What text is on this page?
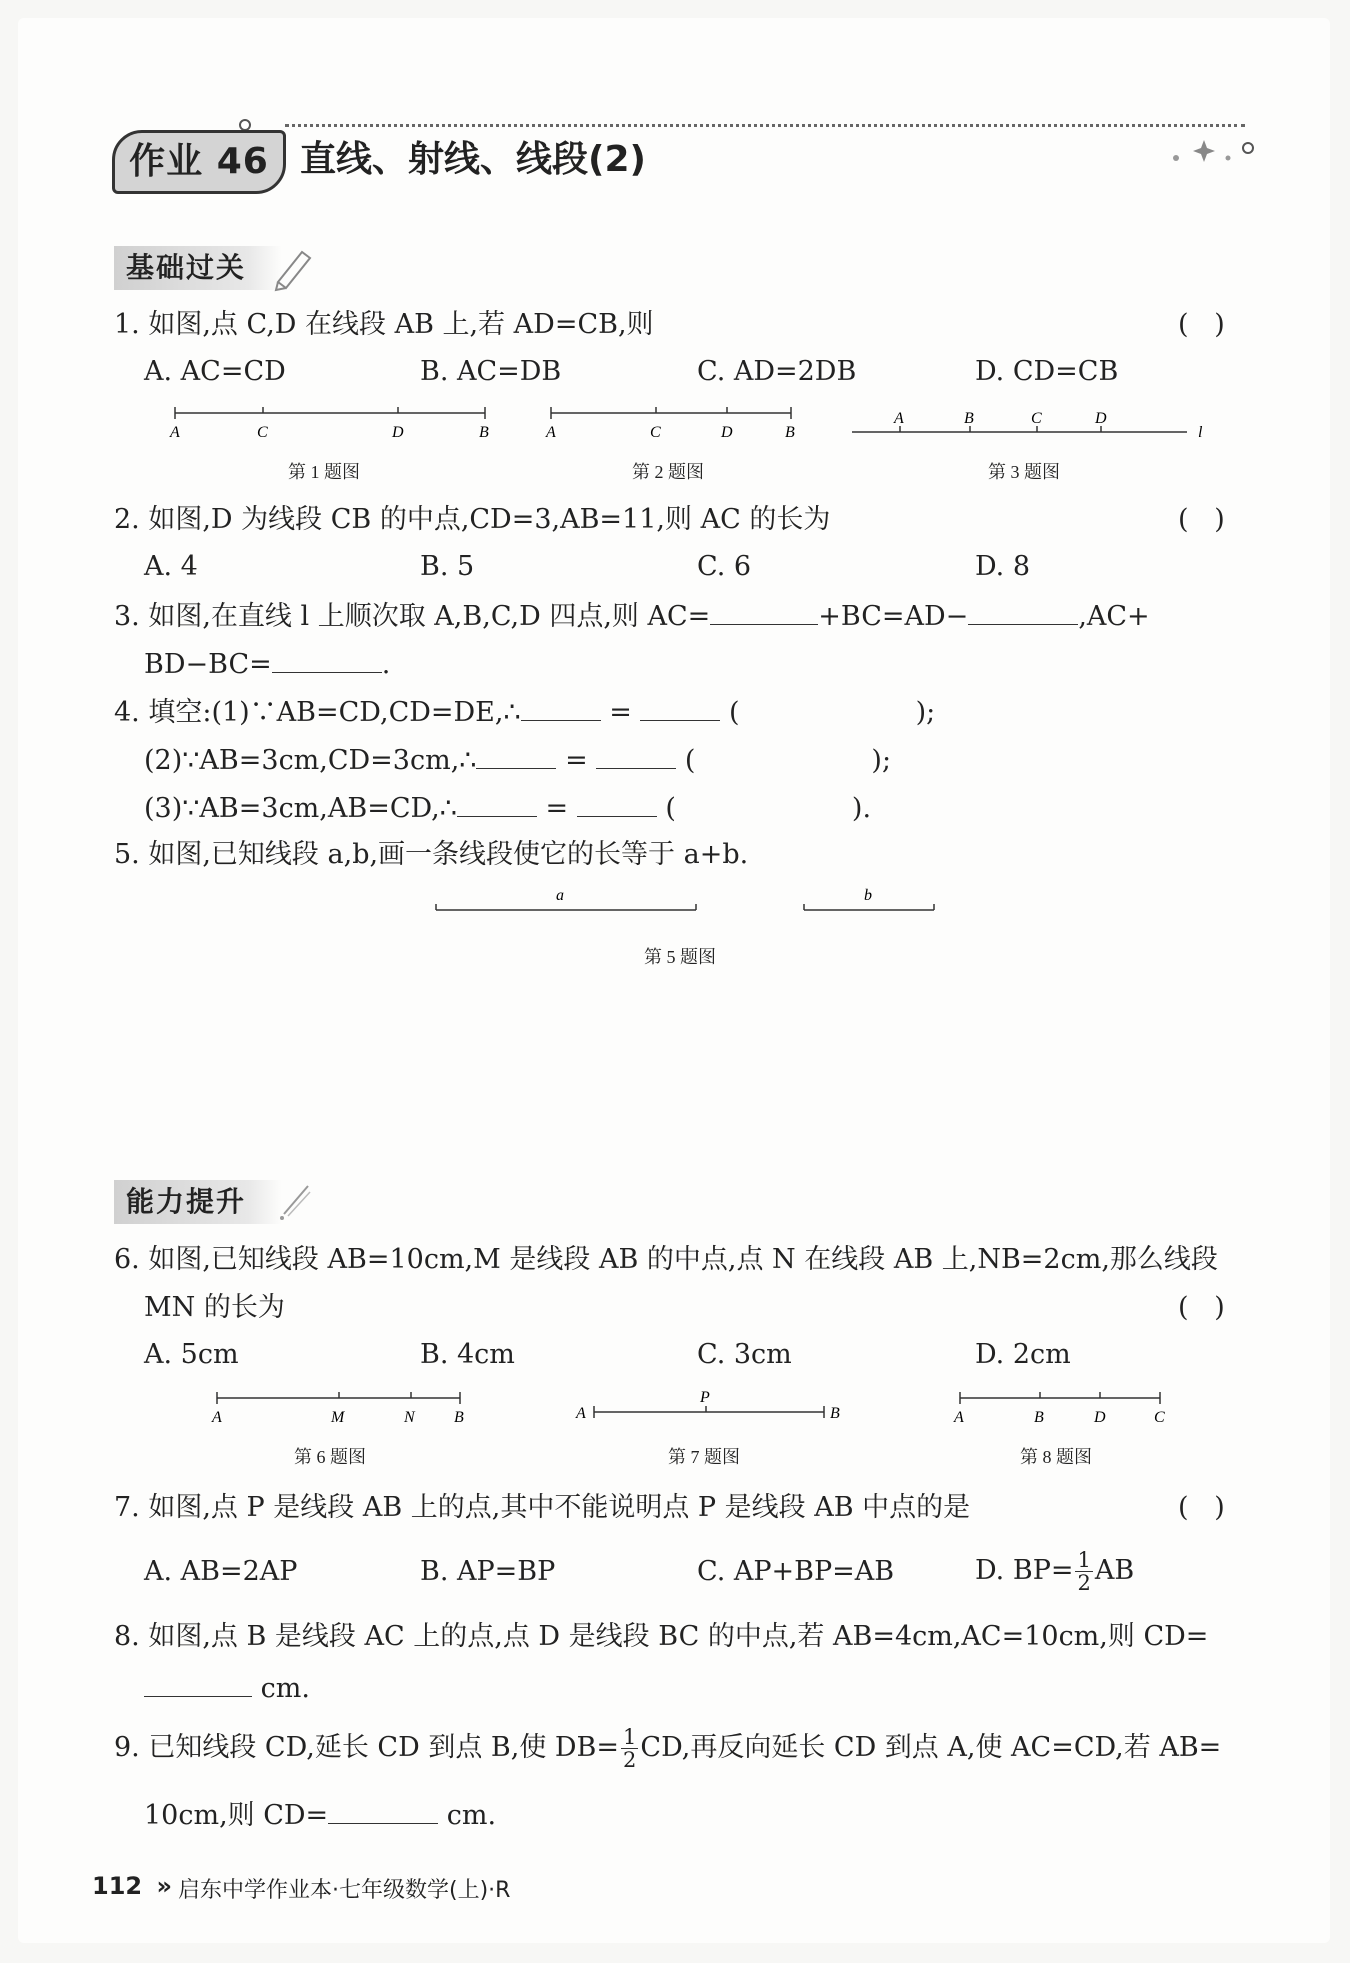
作业 46 直线、射线、线段(2)
基础过关
1. 如图,点 C,D 在线段 AB 上,若 AD=CB,则	(   )
A. AC=CD	B. AC=DB	C. AD=2DB	D. CD=CB
A	C	D	B
第 1 题图
A	C	D	B
第 2 题图
A	B	C	D
l
第 3 题图
2. 如图,D 为线段 CB 的中点,CD=3,AB=11,则 AC 的长为	(   )
A. 4	B. 5	C. 6	D. 8
3. 如图,在直线 l 上顺次取 A,B,C,D 四点,则 AC=	+BC=AD−	,AC+
BD−BC=	.
4. 填空:(1)∵AB=CD,CD=DE,∴	=	(	);
(2)∵AB=3cm,CD=3cm,∴	=	(	);
(3)∵AB=3cm,AB=CD,∴	=	(	).
5. 如图,已知线段 a,b,画一条线段使它的长等于 a+b.
a	b
第 5 题图
能力提升
6. 如图,已知线段 AB=10cm,M 是线段 AB 的中点,点 N 在线段 AB 上,NB=2cm,那么线段
MN 的长为	(   )
A. 5cm	B. 4cm	C. 3cm	D. 2cm
A	M	N B
第 6 题图
A
P
B
第 7 题图
A	B	D	C
第 8 题图
7. 如图,点 P 是线段 AB 上的点,其中不能说明点 P 是线段 AB 中点的是	(   )
A. AB=2AP	B. AP=BP	C. AP+BP=AB	D. $BP= \frac{1}{2}$ AB
8. 如图,点 B 是线段 AC 上的点,点 D 是线段 BC 的中点,若 AB=4cm,AC=10cm,则 CD=
cm.
9. 已知线段 CD,延长 CD 到点 B,使 $DB= \frac{1}{2}$ CD,再反向延长 CD 到点 A,使 AC=CD,若 AB=
10cm,则 CD=	cm.
112 » 启东中学作业本·七年级数学(上)·R
